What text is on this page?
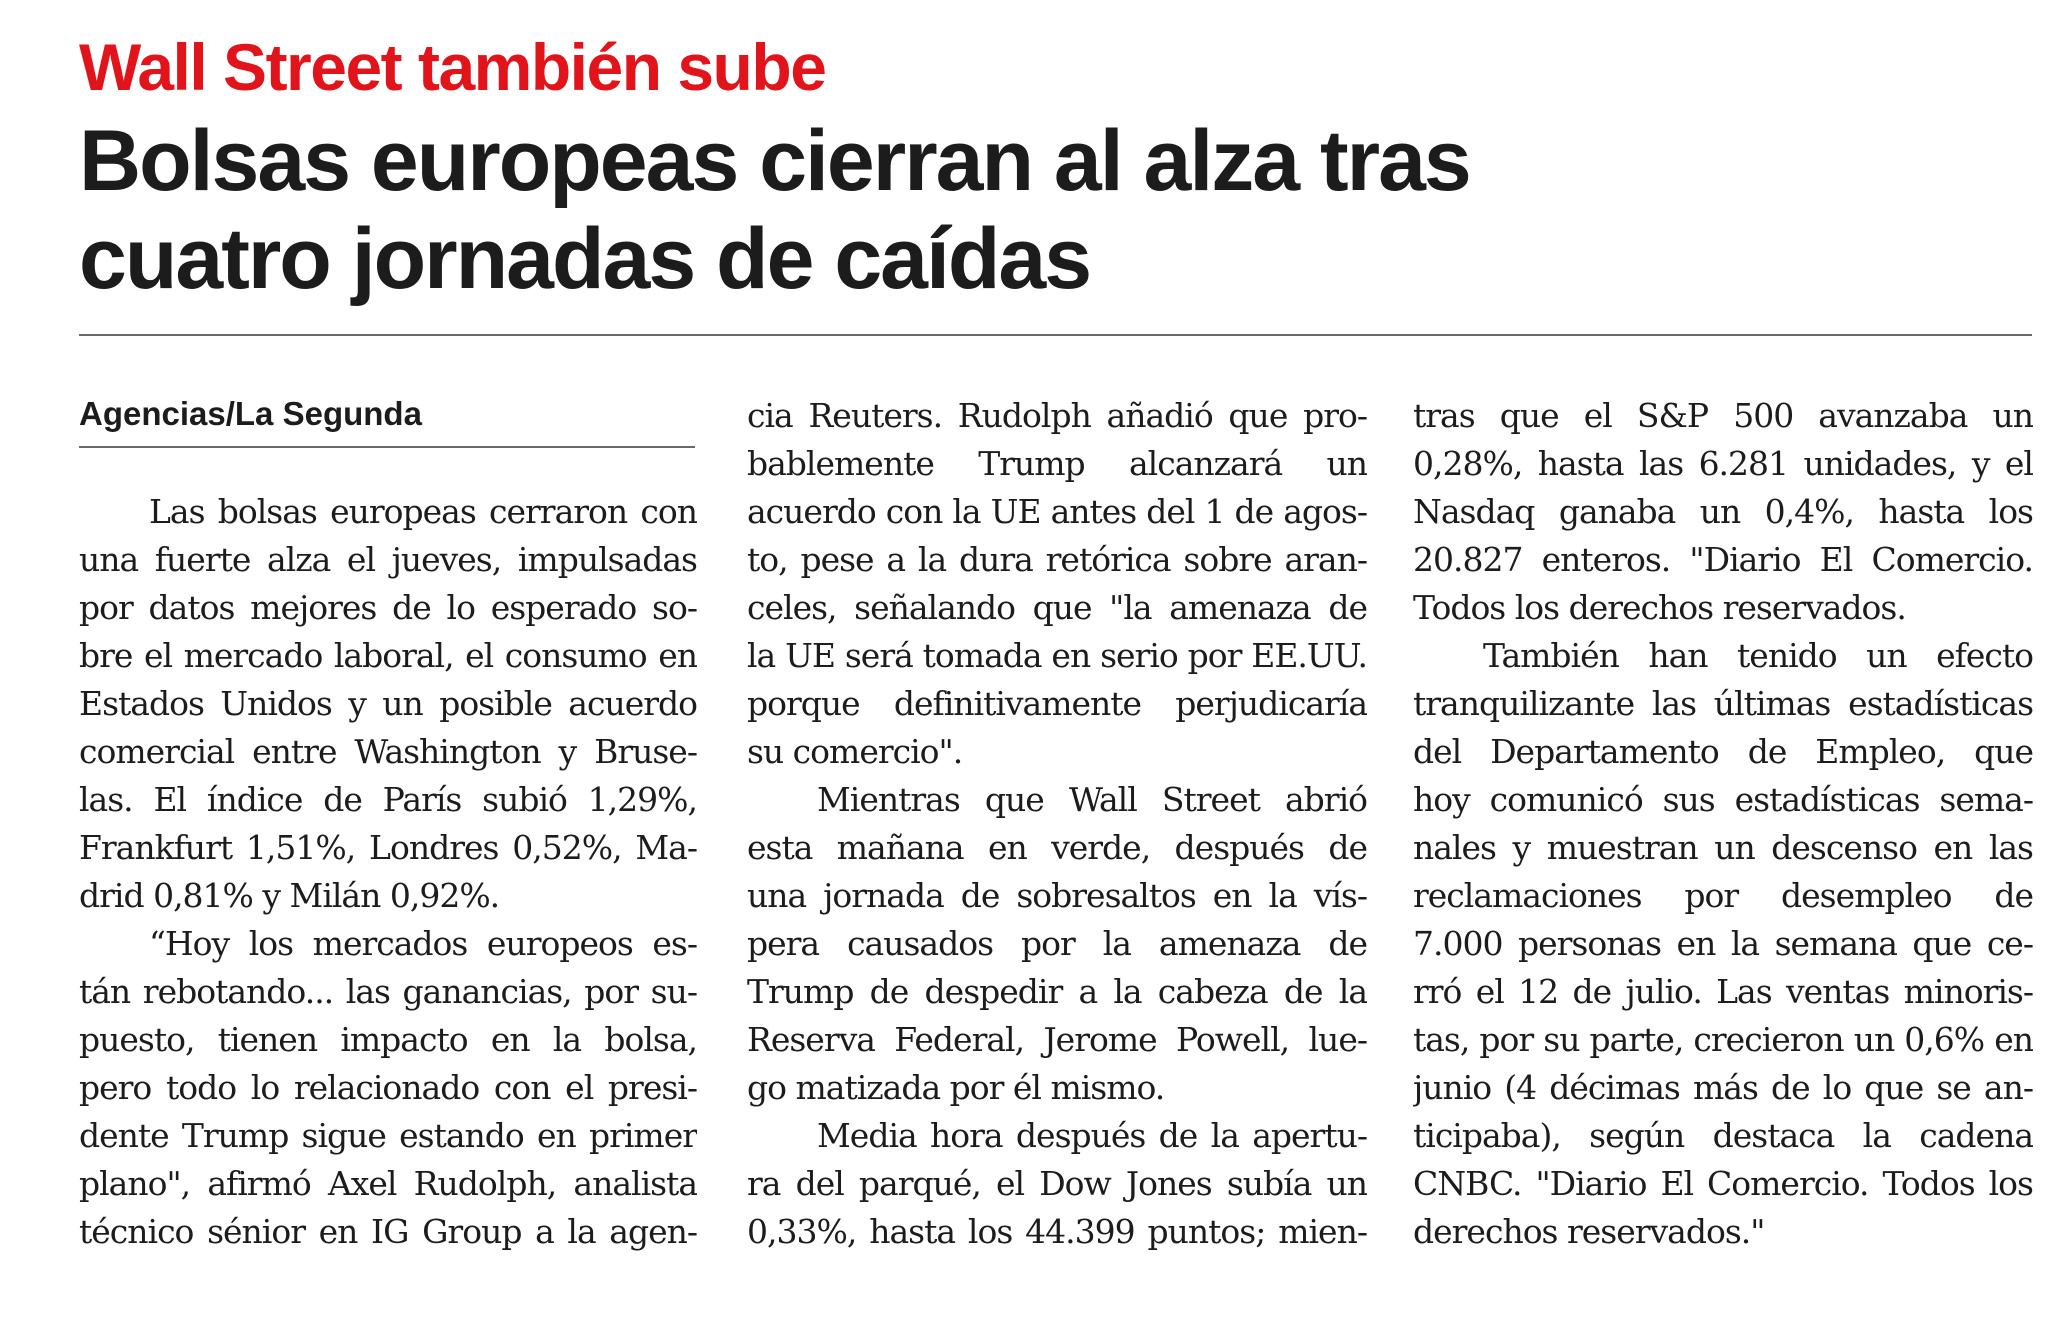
Wall Street también sube
Bolsas europeas cierran al alza tras
cuatro jornadas de caídas
Agencias/La Segunda
Las bolsas europeas cerraron con
una fuerte alza el jueves, impulsadas
por datos mejores de lo esperado so-
bre el mercado laboral, el consumo en
Estados Unidos y un posible acuerdo
comercial entre Washington y Bruse-
las. El índice de París subió 1,29%,
Frankfurt 1,51%, Londres 0,52%, Ma-
drid 0,81% y Milán 0,92%.
“Hoy los mercados europeos es-
tán rebotando... las ganancias, por su-
puesto, tienen impacto en la bolsa,
pero todo lo relacionado con el presi-
dente Trump sigue estando en primer
plano", afirmó Axel Rudolph, analista
técnico sénior en IG Group a la agen-
cia Reuters. Rudolph añadió que pro-
bablemente Trump alcanzará un
acuerdo con la UE antes del 1 de agos-
to, pese a la dura retórica sobre aran-
celes, señalando que "la amenaza de
la UE será tomada en serio por EE.UU.
porque definitivamente perjudicaría
su comercio".
Mientras que Wall Street abrió
esta mañana en verde, después de
una jornada de sobresaltos en la vís-
pera causados por la amenaza de
Trump de despedir a la cabeza de la
Reserva Federal, Jerome Powell, lue-
go matizada por él mismo.
Media hora después de la apertu-
ra del parqué, el Dow Jones subía un
0,33%, hasta los 44.399 puntos; mien-
tras que el S&P 500 avanzaba un
0,28%, hasta las 6.281 unidades, y el
Nasdaq ganaba un 0,4%, hasta los
20.827 enteros. "Diario El Comercio.
Todos los derechos reservados.
También han tenido un efecto
tranquilizante las últimas estadísticas
del Departamento de Empleo, que
hoy comunicó sus estadísticas sema-
nales y muestran un descenso en las
reclamaciones por desempleo de
7.000 personas en la semana que ce-
rró el 12 de julio. Las ventas minoris-
tas, por su parte, crecieron un 0,6% en
junio (4 décimas más de lo que se an-
ticipaba), según destaca la cadena
CNBC. "Diario El Comercio. Todos los
derechos reservados."
